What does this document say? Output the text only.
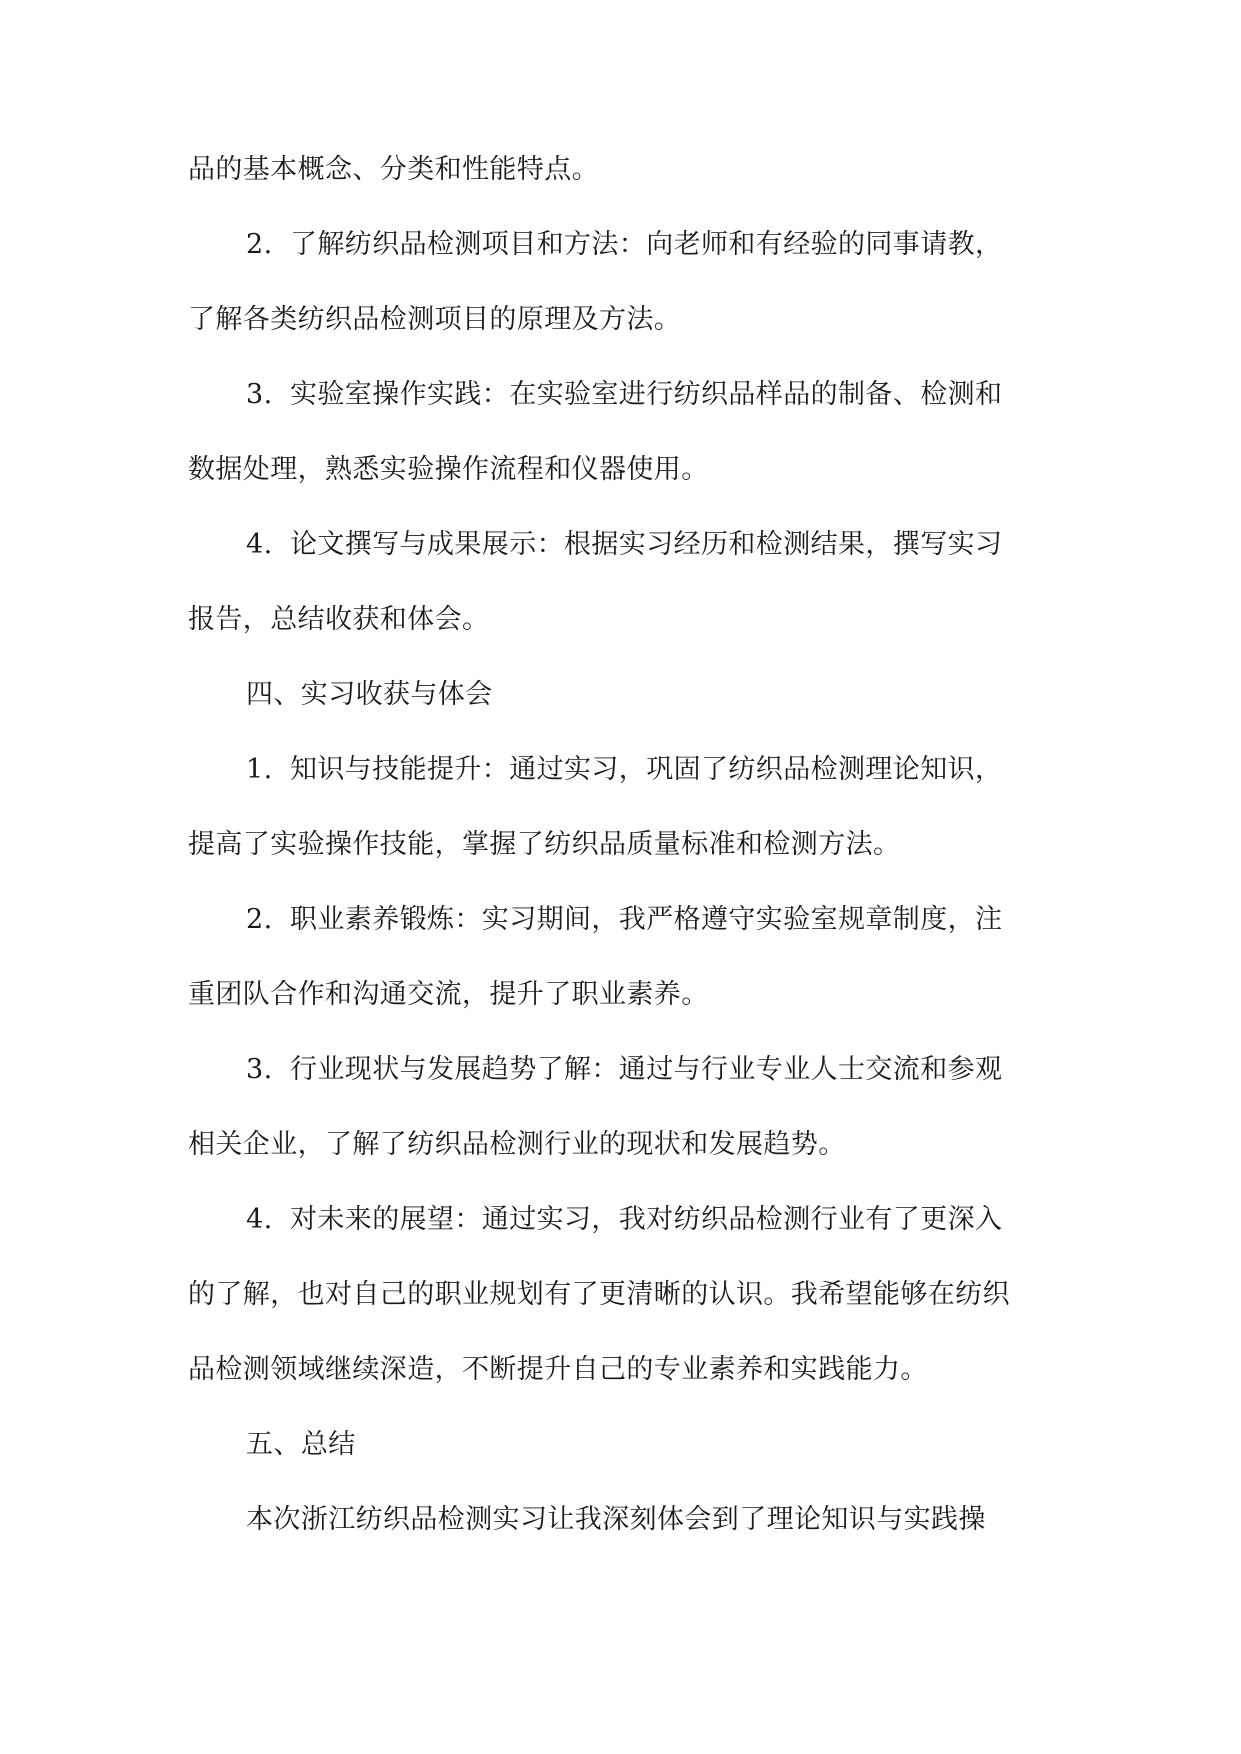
品的基本概念、分类和性能特点。
2. 了解纺织品检测项目和方法：向老师和有经验的同事请教，
了解各类纺织品检测项目的原理及方法。
3. 实验室操作实践：在实验室进行纺织品样品的制备、检测和
数据处理，熟悉实验操作流程和仪器使用。
4. 论文撰写与成果展示：根据实习经历和检测结果，撰写实习
报告，总结收获和体会。
四、实习收获与体会
1. 知识与技能提升：通过实习，巩固了纺织品检测理论知识，
提高了实验操作技能，掌握了纺织品质量标准和检测方法。
2. 职业素养锻炼：实习期间，我严格遵守实验室规章制度，注
重团队合作和沟通交流，提升了职业素养。
3. 行业现状与发展趋势了解：通过与行业专业人士交流和参观
相关企业，了解了纺织品检测行业的现状和发展趋势。
4. 对未来的展望：通过实习，我对纺织品检测行业有了更深入
的了解，也对自己的职业规划有了更清晰的认识。我希望能够在纺织
品检测领域继续深造，不断提升自己的专业素养和实践能力。
五、总结
本次浙江纺织品检测实习让我深刻体会到了理论知识与实践操
